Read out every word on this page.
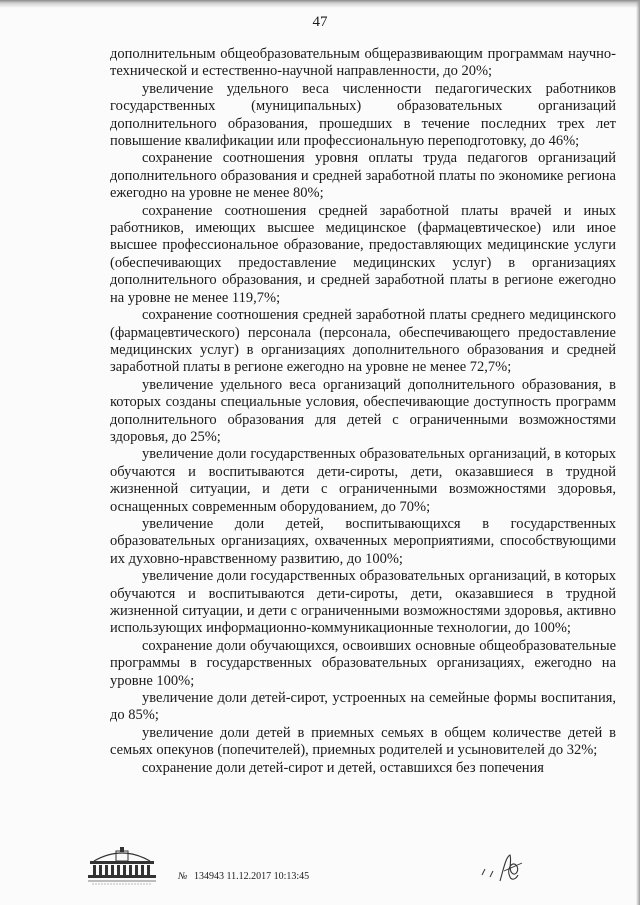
47

дополнительным общеобразовательным общеразвивающим программам научно-технической и естественно-научной направленности, до 20%;

увеличение удельного веса численности педагогических работников государственных (муниципальных) образовательных организаций дополнительного образования, прошедших в течение последних трех лет повышение квалификации или профессиональную переподготовку, до 46%;

сохранение соотношения уровня оплаты труда педагогов организаций дополнительного образования и средней заработной платы по экономике региона ежегодно на уровне не менее 80%;

сохранение соотношения средней заработной платы врачей и иных работников, имеющих высшее медицинское (фармацевтическое) или иное высшее профессиональное образование, предоставляющих медицинские услуги (обеспечивающих предоставление медицинских услуг) в организациях дополнительного образования, и средней заработной платы в регионе ежегодно на уровне не менее 119,7%;

сохранение соотношения средней заработной платы среднего медицинского (фармацевтического) персонала (персонала, обеспечивающего предоставление медицинских услуг) в организациях дополнительного образования и средней заработной платы в регионе ежегодно на уровне не менее 72,7%;

увеличение удельного веса организаций дополнительного образования, в которых созданы специальные условия, обеспечивающие доступность программ дополнительного образования для детей с ограниченными возможностями здоровья, до 25%;

увеличение доли государственных образовательных организаций, в которых обучаются и воспитываются дети-сироты, дети, оказавшиеся в трудной жизненной ситуации, и дети с ограниченными возможностями здоровья, оснащенных современным оборудованием, до 70%;

увеличение доли детей, воспитывающихся в государственных образовательных организациях, охваченных мероприятиями, способствующими их духовно-нравственному развитию, до 100%;

увеличение доли государственных образовательных организаций, в которых обучаются и воспитываются дети-сироты, дети, оказавшиеся в трудной жизненной ситуации, и дети с ограниченными возможностями здоровья, активно использующих информационно-коммуникационные технологии, до 100%;

сохранение доли обучающихся, освоивших основные общеобразовательные программы в государственных образовательных организациях, ежегодно на уровне 100%;

увеличение доли детей-сирот, устроенных на семейные формы воспитания, до 85%;

увеличение доли детей в приемных семьях в общем количестве детей в семьях опекунов (попечителей), приемных родителей и усыновителей до 32%;

сохранение доли детей-сирот и детей, оставшихся без попечения

№ 134943 11.12.2017 10:13:45
